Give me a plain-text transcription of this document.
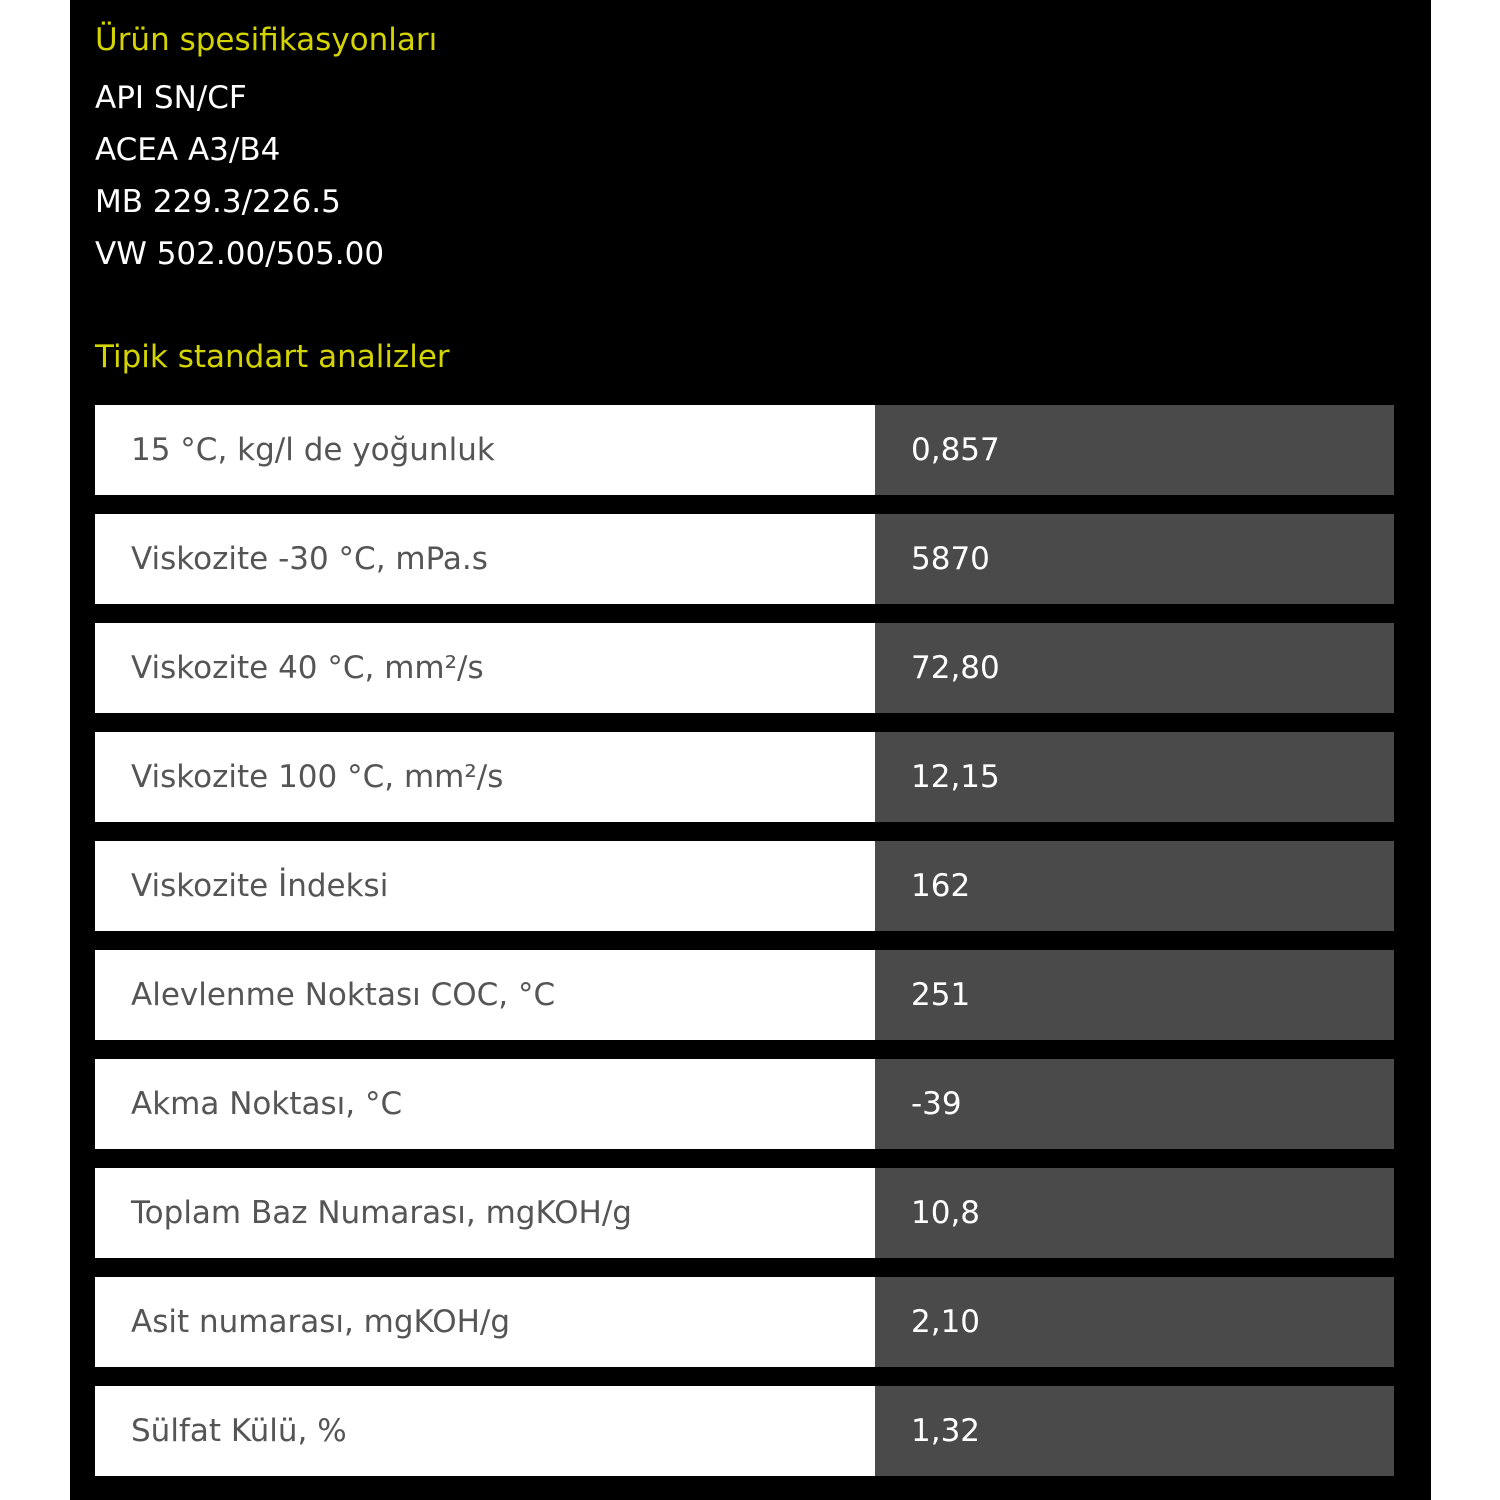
Ürün spesifikasyonları
API SN/CF
ACEA A3/B4
MB 229.3/226.5
VW 502.00/505.00
Tipik standart analizler
15 °C, kg/l de yoğunluk	0,857
Viskozite -30 °C, mPa.s	5870
Viskozite 40 °C, mm²/s	72,80
Viskozite 100 °C, mm²/s	12,15
Viskozite İndeksi	162
Alevlenme Noktası COC, °C	251
Akma Noktası, °C	-39
Toplam Baz Numarası, mgKOH/g	10,8
Asit numarası, mgKOH/g	2,10
Sülfat Külü, %	1,32
